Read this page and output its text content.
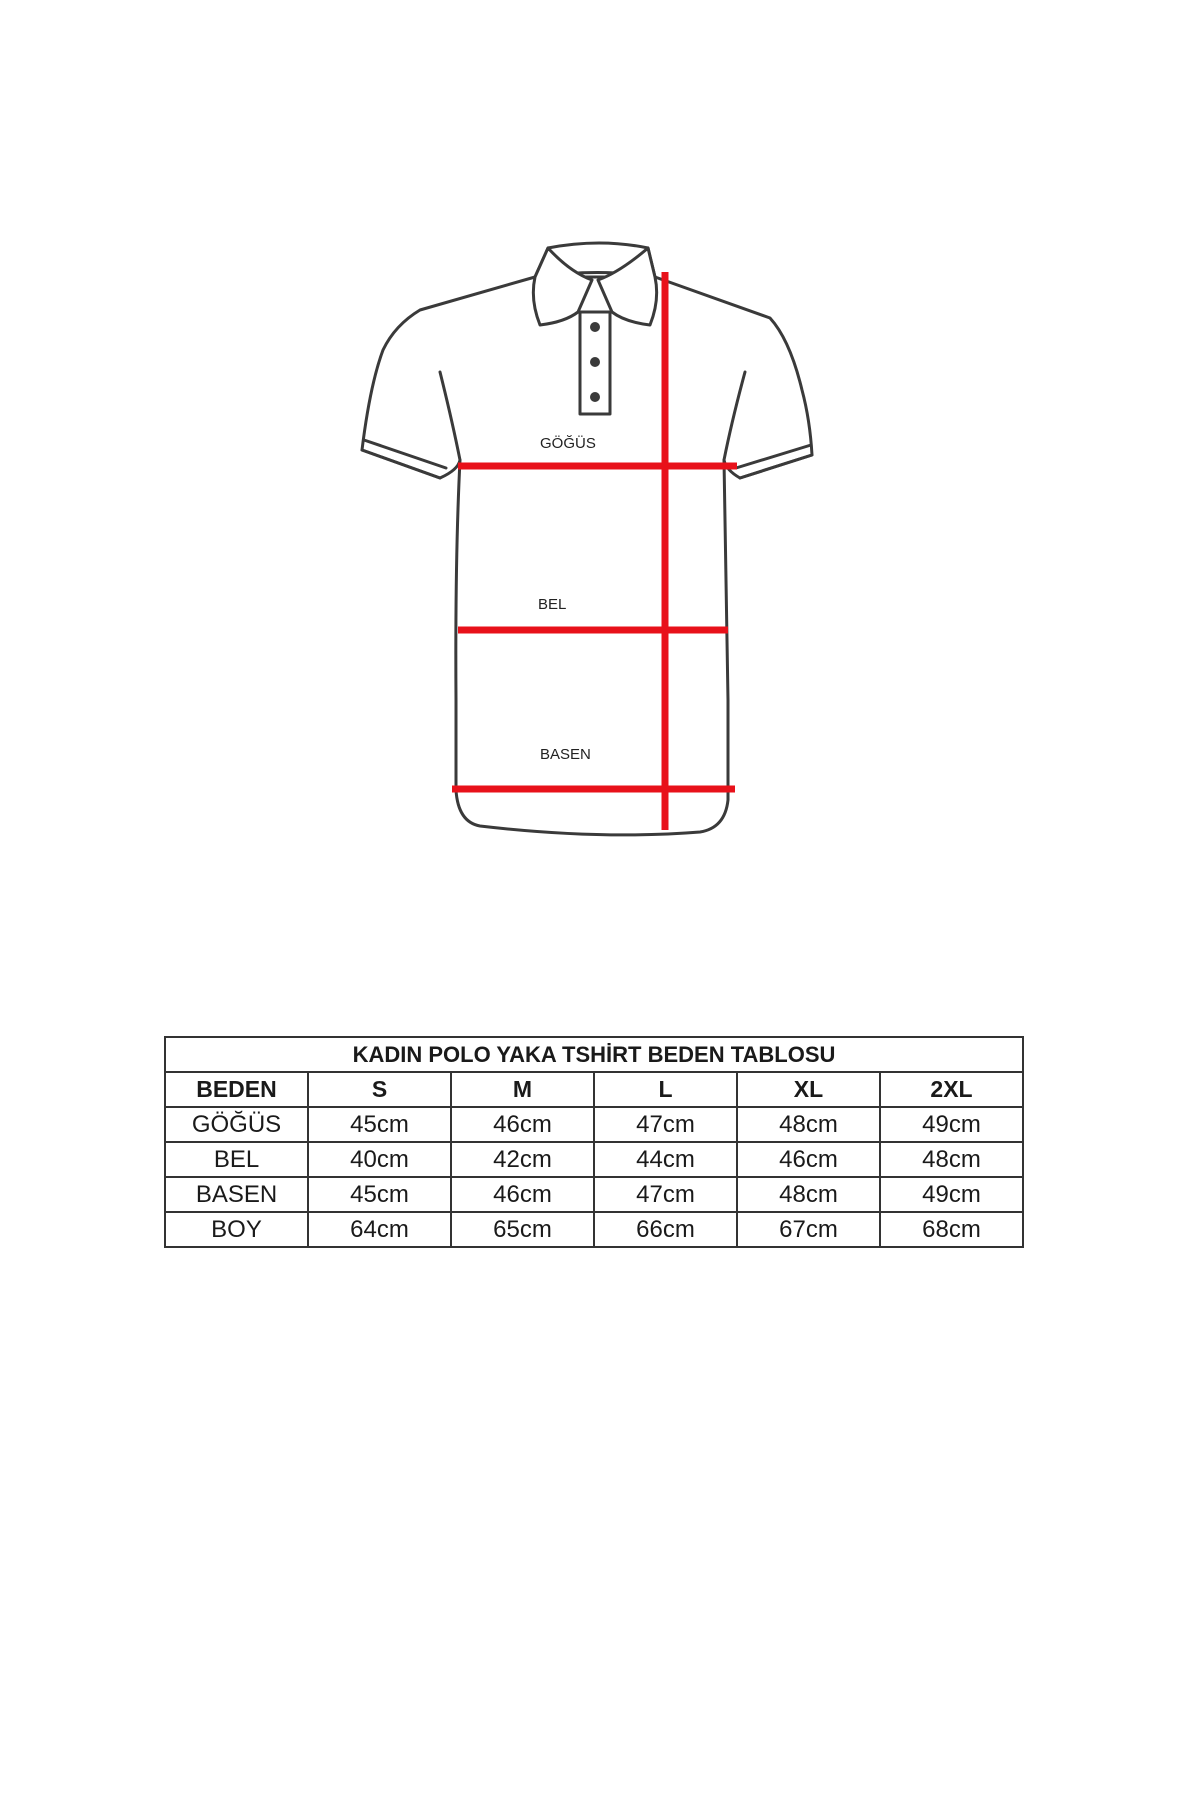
GÖĞÜS
BEL
BASEN
KADIN POLO YAKA TSHİRT BEDEN TABLOSU					
BEDEN	S	M	L	XL	2XL
GÖĞÜS	45cm	46cm	47cm	48cm	49cm
BEL	40cm	42cm	44cm	46cm	48cm
BASEN	45cm	46cm	47cm	48cm	49cm
BOY	64cm	65cm	66cm	67cm	68cm
